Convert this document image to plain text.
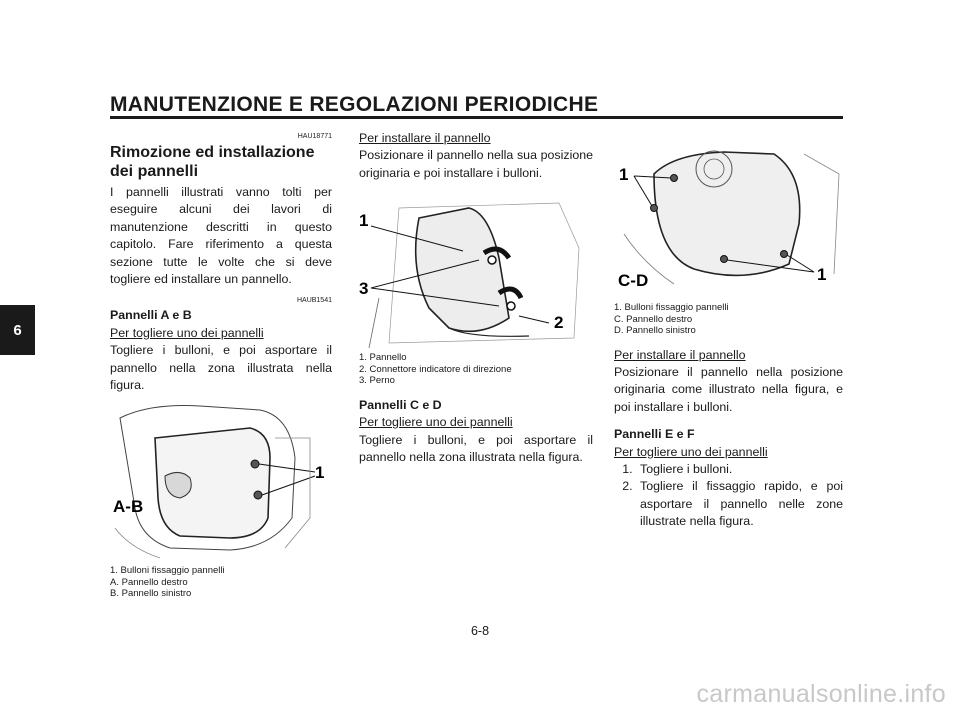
MANUTENZIONE E REGOLAZIONI PERIODICHE
6
HAU18771
Rimozione ed installazione dei pannelli

I pannelli illustrati vanno tolti per eseguire alcuni dei lavori di manutenzione descritti in questo capitolo. Fare riferimento a questa sezione tutte le volte che si deve togliere ed installare un pannello.

HAUB1541
Pannelli A e B
Per togliere uno dei pannelli

Togliere i bulloni, e poi asportare il pannello nella zona illustrata nella figura.

1
A-B
1. Bulloni fissaggio pannelli
A. Pannello destro
B. Pannello sinistro
Per installare il pannello

Posizionare il pannello nella sua posizione originaria e poi installare i bulloni.

1
2
3
1. Pannello
2. Connettore indicatore di direzione
3. Perno
Pannelli C e D
Per togliere uno dei pannelli

Togliere i bulloni, e poi asportare il pannello nella zona illustrata nella figura.

1
1
C-D
1. Bulloni fissaggio pannelli
C. Pannello destro
D. Pannello sinistro
Per installare il pannello

Posizionare il pannello nella posizione originaria come illustrato nella figura, e poi installare i bulloni.

Pannelli E e F
Per togliere uno dei pannelli
1. Togliere i bulloni.
2. Togliere il fissaggio rapido, e poi asportare il pannello nelle zone illustrate nella figura.
6-8
carmanualsonline.info
